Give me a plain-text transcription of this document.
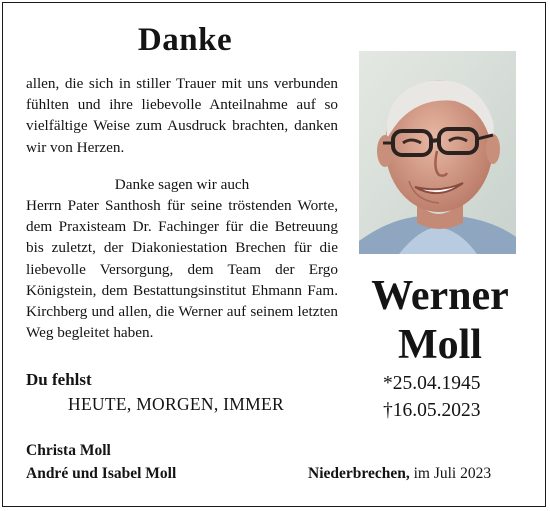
Danke

allen, die sich in stiller Trauer mit uns verbunden fühlten und ihre liebevolle Anteilnahme auf so vielfältige Weise zum Ausdruck brachten, danken wir von Herzen.

Danke sagen wir auch

Herrn Pater Santhosh für seine tröstenden Worte, dem Praxisteam Dr. Fachinger für die Betreuung bis zuletzt, der Diakoniestation Brechen für die liebevolle Versorgung, dem Team der Ergo Königstein, dem Bestattungsinstitut Ehmann Fam. Kirchberg und allen, die Werner auf seinem letzten Weg begleitet haben.

Du fehlst
HEUTE, MORGEN, IMMER
Christa Moll
André und Isabel Moll	Niederbrechen, im Juli 2023
Werner
Moll
*25.04.1945
†16.05.2023
